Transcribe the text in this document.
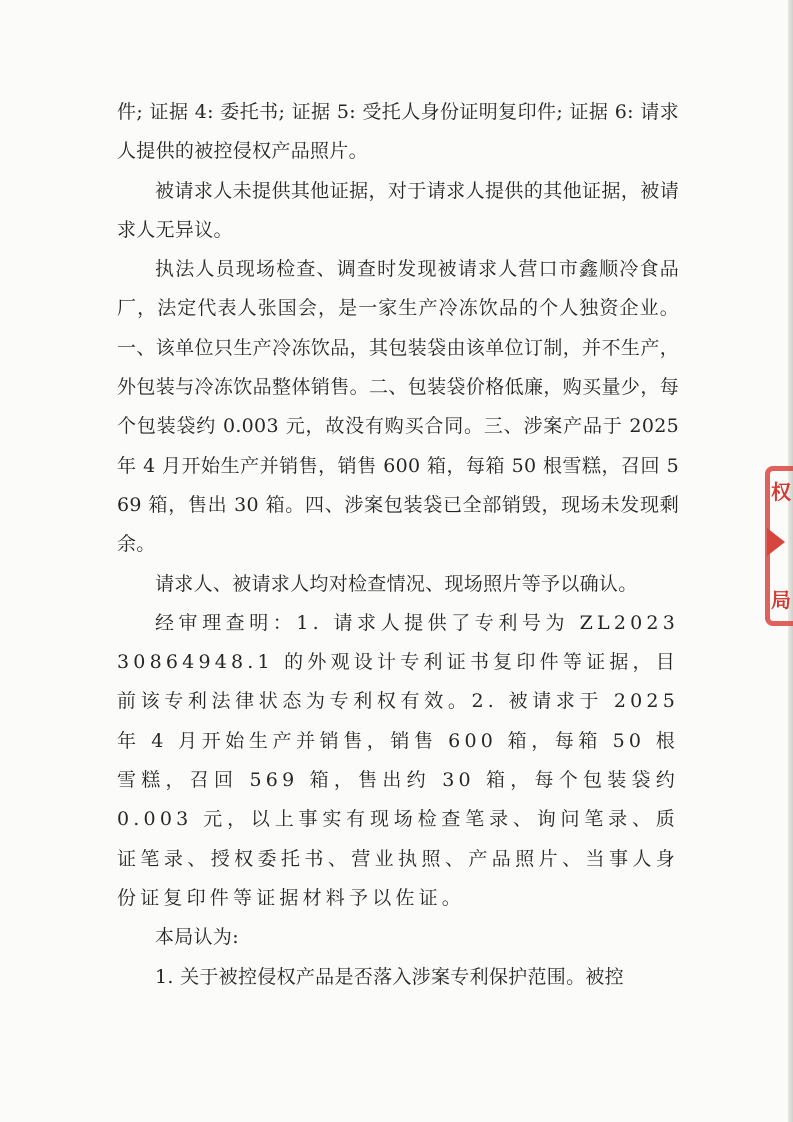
件; 证据 4: 委托书; 证据 5: 受托人身份证明复印件; 证据 6: 请求人提供的被控侵权产品照片。

被请求人未提供其他证据，对于请求人提供的其他证据，被请求人无异议。

执法人员现场检查、调查时发现被请求人营口市鑫顺冷食品厂，法定代表人张国会，是一家生产冷冻饮品的个人独资企业。一、该单位只生产冷冻饮品，其包装袋由该单位订制，并不生产，外包装与冷冻饮品整体销售。二、包装袋价格低廉，购买量少，每个包装袋约 0.003 元，故没有购买合同。三、涉案产品于 2025 年 4 月开始生产并销售，销售 600 箱，每箱 50 根雪糕，召回 569 箱，售出 30 箱。四、涉案包装袋已全部销毁，现场未发现剩余。

请求人、被请求人均对检查情况、现场照片等予以确认。

经审理查明：1. 请求人提供了专利号为 ZL202330864948.1 的外观设计专利证书复印件等证据，目前该专利法律状态为专利权有效。2. 被请求于 2025 年 4 月开始生产并销售，销售 600 箱，每箱 50 根雪糕，召回 569 箱，售出约 30 箱，每个包装袋约 0.003 元，以上事实有现场检查笔录、询问笔录、质证笔录、授权委托书、营业执照、产品照片、当事人身份证复印件等证据材料予以佐证。

本局认为:

1. 关于被控侵权产品是否落入涉案专利保护范围。被控

权
局
